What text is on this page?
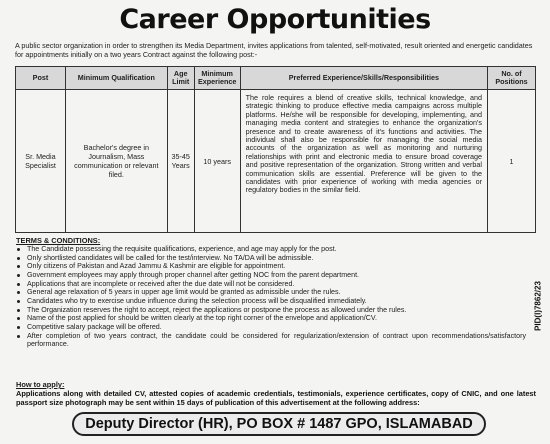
Career Opportunities
A public sector organization in order to strengthen its Media Department, invites applications from talented, self-motivated, result oriented and energetic candidates for appointments initially on a two years Contract against the following post:-
Post	Minimum Qualification	Age Limit	Minimum Experience	Preferred Experience/Skills/Responsibilities	No. of Positions
Sr. Media Specialist	Bachelor's degree in Journalism, Mass communication or relevant filed.	35-45 Years	10 years	The role requires a blend of creative skills, technical knowledge, and strategic thinking to produce effective media campaigns across multiple platforms. He/she will be responsible for developing, implementing, and managing media content and strategies to enhance the organization's presence and to create awareness of it's functions and activities. The individual shall also be responsible for managing the social media accounts of the organization as well as monitoring and nurturing relationships with print and electronic media to ensure broad coverage and positive representation of the organization. Strong written and verbal communication skills are essential. Preference will be given to the candidates with prior experience of working with media agencies or regulatory bodies in the similar field.	1
TERMS & CONDITIONS:
The Candidate possessing the requisite qualifications, experience, and age may apply for the post.
Only shortlisted candidates will be called for the test/interview. No TA/DA will be admissible.
Only citizens of Pakistan and Azad Jammu & Kashmir are eligible for appointment.
Government employees may apply through proper channel after getting NOC from the parent department.
Applications that are incomplete or received after the due date will not be considered.
General age relaxation of 5 years in upper age limit would be granted as admissible under the rules.
Candidates who try to exercise undue influence during the selection process will be disqualified immediately.
The Organization reserves the right to accept, reject the applications or postpone the process as allowed under the rules.
Name of the post applied for should be written clearly at the top right corner of the envelope and application/CV.
Competitive salary package will be offered.
After completion of two years contract, the candidate could be considered for regularization/extension of contract upon recommendations/satisfactory performance.
How to apply:
Applications along with detailed CV, attested copies of academic credentials, testimonials, experience certificates, copy of CNIC, and one latest passport size photograph may be sent within 15 days of publication of this advertisement at the following address:
Deputy Director (HR), PO BOX # 1487 GPO, ISLAMABAD
PID(I)7862/23
